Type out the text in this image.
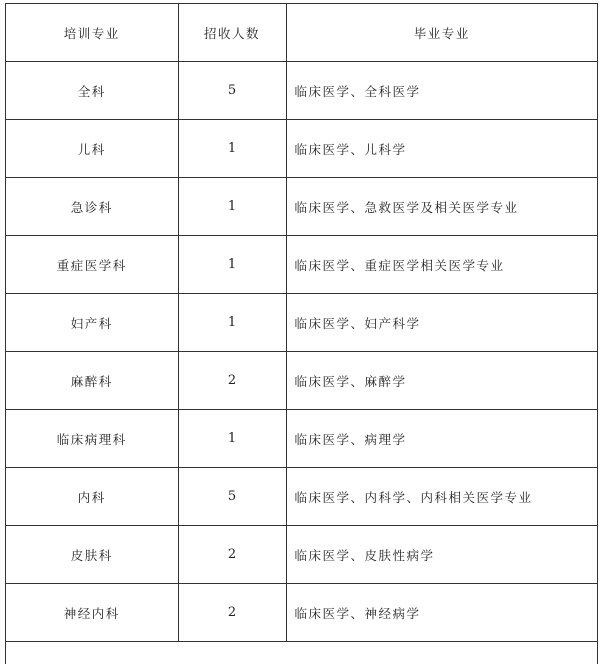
培训专业	招收人数	毕业专业
全科	5	临床医学、全科医学
儿科	1	临床医学、儿科学
急诊科	1	临床医学、急救医学及相关医学专业
重症医学科	1	临床医学、重症医学相关医学专业
妇产科	1	临床医学、妇产科学
麻醉科	2	临床医学、麻醉学
临床病理科	1	临床医学、病理学
内科	5	临床医学、内科学、内科相关医学专业
皮肤科	2	临床医学、皮肤性病学
神经内科	2	临床医学、神经病学
